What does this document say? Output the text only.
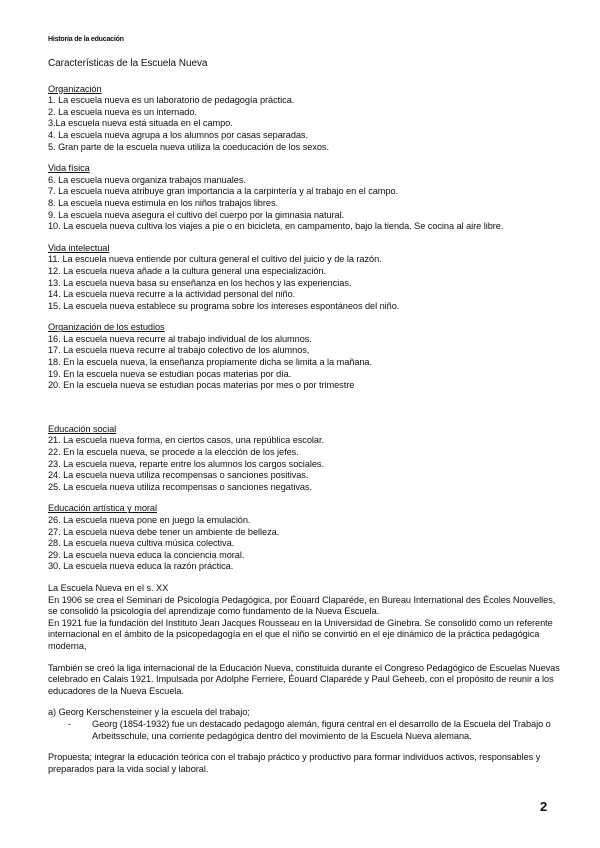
Historia de la educación
Características de la Escuela Nueva
Organización
1. La escuela nueva es un laboratorio de pedagogía práctica.
2. La escuela nueva es un internado.
3.La escuela nueva está situada en el campo.
4. La escuela nueva agrupa a los alumnos por casas separadas.
5. Gran parte de la escuela nueva utiliza la coeducación de los sexos.
Vida física
6. La escuela nueva organiza trabajos manuales.
7. La escuela nueva atribuye gran importancia a la carpintería y al trabajo en el campo.
8. La escuela nueva estimula en los niños trabajos libres.
9. La escuela nueva asegura el cultivo del cuerpo por la gimnasia natural.
10. La escuela nueva cultiva los viajes a pie o en bicicleta, en campamento, bajo la tienda. Se cocina al aire libre.
Vida intelectual
11. La escuela nueva entiende por cultura general el cultivo del juicio y de la razón.
12. La escuela nueva añade a la cultura general una especialización.
13. La escuela nueva basa su enseñanza en los hechos y las experiencias.
14. La escuela nueva recurre a la actividad personal del niño.
15. La escuela nueva establece su programa sobre los intereses espontáneos del niño.
Organización de los estudios
16. La escuela nueva recurre al trabajo individual de los alumnos.
17. La escuela nueva recurre al trabajo colectivo de los alumnos,
18. En la escuela nueva, la enseñanza propiamente dicha se limita a la mañana.
19. En la escuela nueva se estudian pocas materias por día.
20. En la escuela nueva se estudian pocas materias por mes o por trimestre
Educación social
21. La escuela nueva forma, en ciertos casos, una república escolar.
22. En la escuela nueva, se procede a la elección de los jefes.
23. La escuela nueva, reparte entre los alumnos los cargos sociales.
24. La escuela nueva utiliza recompensas o sanciones positivas.
25. La escuela nueva utiliza recompensas o sanciones negativas.
Educación artística y moral
26. La escuela nueva pone en juego la emulación.
27. La escuela nueva debe tener un ambiente de belleza.
28. La escuela nueva cultiva música colectiva.
29. La escuela nueva educa la conciencia moral.
30. La escuela nueva educa la razón práctica.
La Escuela Nueva en el s. XX
En 1906 se crea el Seminari de Psicología Pedagógica, por Éouard Claparéde, en Bureau International des Écoles Nouvelles, se consolidó la psicología del aprendizaje como fundamento de la Nueva Escuela.
En 1921 fue la fundación del Instituto Jean Jacques Rousseau en la Universidad de Ginebra. Se consolidó como un referente internacional en el ámbito de la psicopedagogía en el que el niño se convirtió en el eje dinámico de la práctica pedagógica moderna,
También se creó la liga internacional de la Educación Nueva, constituida durante el Congreso Pedagógico de Escuelas Nuevas celebrado en Calais 1921. Impulsada por Adolphe Ferriere, Éouard Claparéde y Paul Geheeb, con el propósito de reunir a los educadores de la Nueva Escuela.
a) Georg Kerschensteiner y la escuela del trabajo;
-	Georg (1854-1932) fue un destacado pedagogo alemán, figura central en el desarrollo de la Escuela del Trabajo o Arbeitsschule, una corriente pedagógica dentro del movimiento de la Escuela Nueva alemana.
Propuesta; integrar la educación teórica con el trabajo práctico y productivo para formar individuos activos, responsables y preparados para la vida social y laboral.
2
